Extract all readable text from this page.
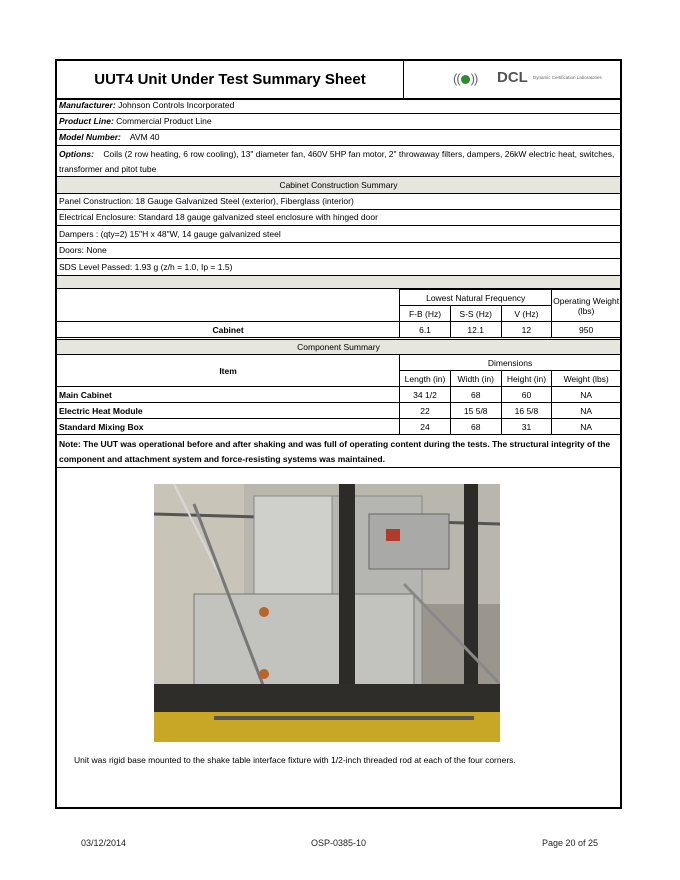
UUT4 Unit Under Test Summary Sheet	(( )) DCL Dynamic Certification Laboratories
Manufacturer: Johnson Controls Incorporated
Product Line: Commercial Product Line
Model Number: AVM 40
Options: Coils (2 row heating, 6 row cooling), 13" diameter fan, 460V 5HP fan motor, 2" throwaway filters, dampers, 26kW electric heat, switches, transformer and pitot tube
Cabinet Construction Summary
Panel Construction: 18 Gauge Galvanized Steel (exterior), Fiberglass (interior)
Electrical Enclosure: Standard 18 gauge galvanized steel enclosure with hinged door
Dampers : (qty=2) 15"H x 48"W, 14 gauge galvanized steel
Doors: None
SDS Level Passed: 1.93 g (z/h = 1.0, Ip = 1.5)
	Lowest Natural Frequency			Operating Weight (lbs)
	F-B (Hz)	S-S (Hz)	V (Hz)	
Cabinet	6.1	12.1	12	950
Component Summary
Item	Dimensions			
	Length (in)	Width (in)	Height (in)	Weight (lbs)
Main Cabinet	34 1/2	68	60	NA
Electric Heat Module	22	15 5/8	16 5/8	NA
Standard Mixing Box	24	68	31	NA
Note: The UUT was operational before and after shaking and was full of operating content during the tests. The structural integrity of the component and attachment system and force-resisting systems was maintained.
Unit was rigid base mounted to the shake table interface fixture with 1/2-inch threaded rod at each of the four corners.
03/12/2014	OSP-0385-10	Page 20 of 25
